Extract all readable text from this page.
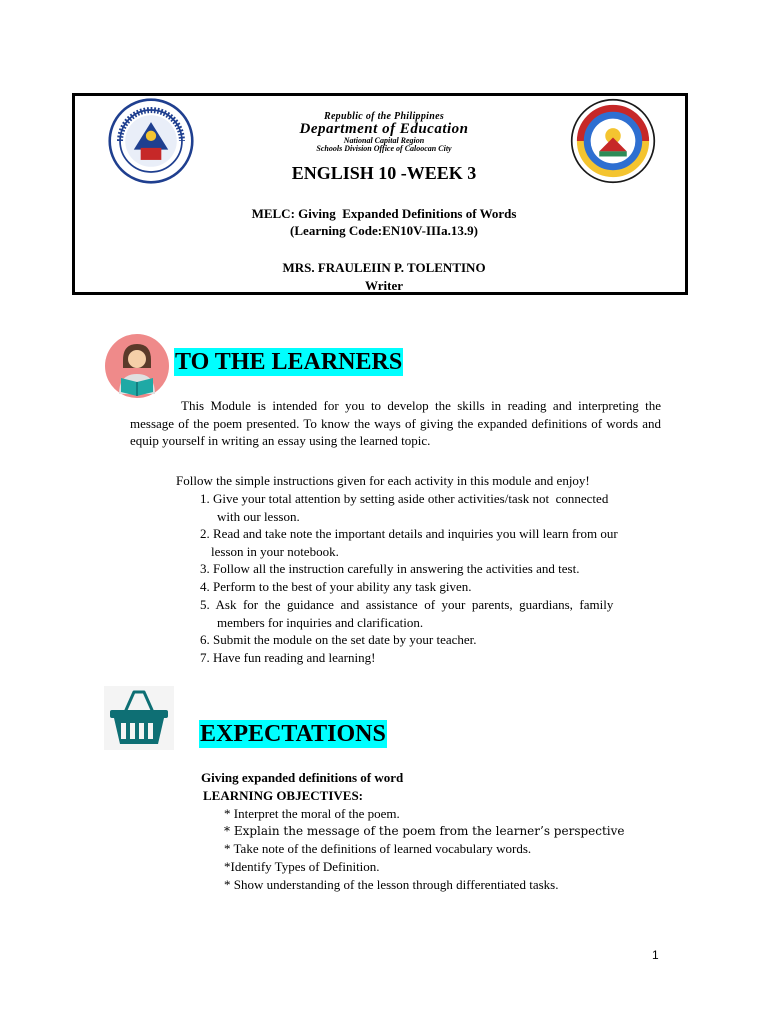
Republic of the Philippines
Department of Education
National Capital Region
Schools Division Office of Caloocan City
ENGLISH 10 -WEEK 3
MELC: Giving  Expanded Definitions of Words
(Learning Code:EN10V-IIIa.13.9)
MRS. FRAULEIIN P. TOLENTINO
Writer
TO THE LEARNERS
This Module is intended for you to develop the skills in reading and interpreting the message of the poem presented. To know the ways of giving the expanded definitions of words and equip yourself in writing an essay using the learned topic.
Follow the simple instructions given for each activity in this module and enjoy!
1. Give your total attention by setting aside other activities/task not  connected
with our lesson.
2. Read and take note the important details and inquiries you will learn from our
lesson in your notebook.
3. Follow all the instruction carefully in answering the activities and test.
4. Perform to the best of your ability any task given.
5.  Ask  for  the  guidance  and  assistance  of  your  parents,  guardians,  family
members for inquiries and clarification.
6. Submit the module on the set date by your teacher.
7. Have fun reading and learning!
EXPECTATIONS
Giving expanded definitions of word
LEARNING OBJECTIVES:
* Interpret the moral of the poem.
* Explain the message of the poem from the learner’s perspective
* Take note of the definitions of learned vocabulary words.
*Identify Types of Definition.
* Show understanding of the lesson through differentiated tasks.
1
